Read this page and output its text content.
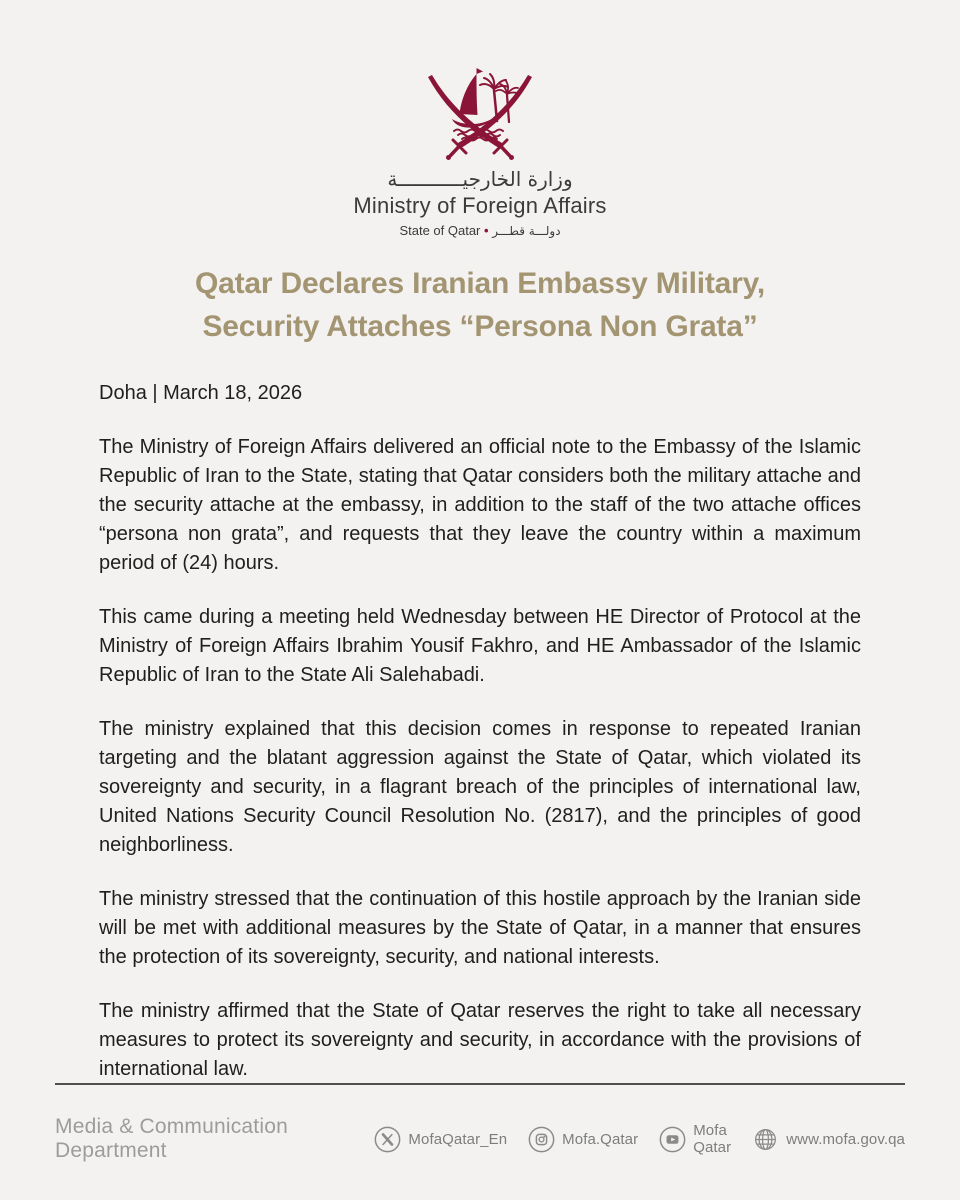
وزارة الخارجيـــــــــــة
Ministry of Foreign Affairs
State of Qatar • دولـــة قطـــر
Qatar Declares Iranian Embassy Military,
Security Attaches “Persona Non Grata”
Doha | March 18, 2026

The Ministry of Foreign Affairs delivered an official note to the Embassy of the Islamic Republic of Iran to the State, stating that Qatar considers both the military attache and the security attache at the embassy, in addition to the staff of the two attache offices “persona non grata”, and requests that they leave the country within a maximum period of (24) hours.

This came during a meeting held Wednesday between HE Director of Protocol at the Ministry of Foreign Affairs Ibrahim Yousif Fakhro, and HE Ambassador of the Islamic Republic of Iran to the State Ali Salehabadi.

The ministry explained that this decision comes in response to repeated Iranian targeting and the blatant aggression against the State of Qatar, which violated its sovereignty and security, in a flagrant breach of the principles of international law, United Nations Security Council Resolution No. (2817), and the principles of good neighborliness.

The ministry stressed that the continuation of this hostile approach by the Iranian side will be met with additional measures by the State of Qatar, in a manner that ensures the protection of its sovereignty, security, and national interests.

The ministry affirmed that the State of Qatar reserves the right to take all necessary measures to protect its sovereignty and security, in accordance with the provisions of international law.

Media & Communication Department	MofaQatar_En	Mofa.Qatar	Mofa Qatar	www.mofa.gov.qa
